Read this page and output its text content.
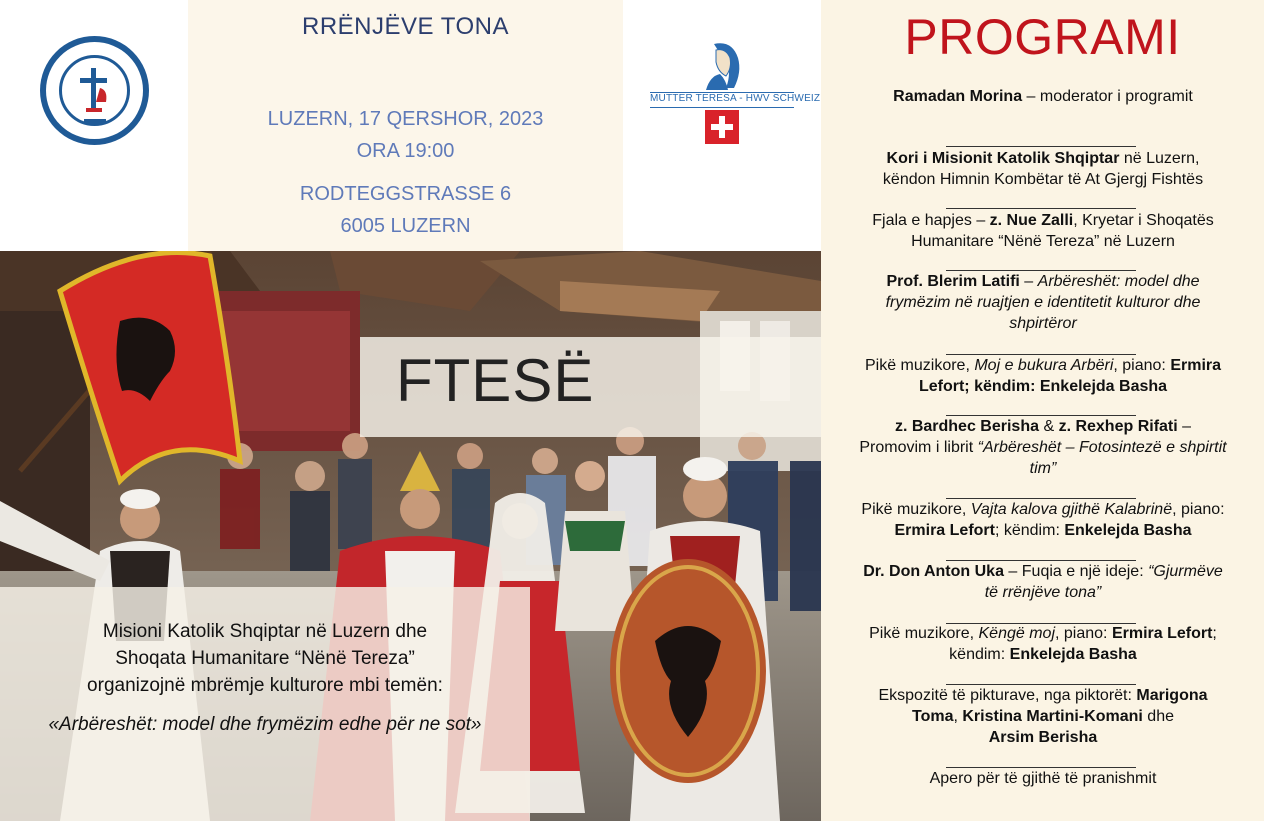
RRËNJËVE TONA
LUZERN, 17 QERSHOR, 2023
ORA 19:00
RODTEGGSTRASSE 6
6005 LUZERN
MUTTER TERESA - HWV SCHWEIZ
FTESË
Misioni Katolik Shqiptar në Luzern dhe
Shoqata Humanitare “Nënë Tereza”
organizojnë mbrëmje kulturore mbi temën:
«Arbëreshët: model dhe frymëzim edhe për ne sot»
PROGRAMI
Ramadan Morina – moderator i programit
Kori i Misionit Katolik Shqiptar në Luzern,
këndon Himnin Kombëtar të At Gjergj Fishtës
Fjala e hapjes – z. Nue Zalli, Kryetar i Shoqatës
Humanitare “Nënë Tereza” në Luzern
Prof. Blerim Latifi – Arbëreshët: model dhe
frymëzim në ruajtjen e identitetit kulturor dhe
shpirtëror
Pikë muzikore, Moj e bukura Arbëri, piano: Ermira
Lefort; këndim: Enkelejda Basha
z. Bardhec Berisha & z. Rexhep Rifati –
Promovim i librit “Arbëreshët – Fotosintezë e shpirtit
tim”
Pikë muzikore, Vajta kalova gjithë Kalabrinë, piano:
Ermira Lefort; këndim: Enkelejda Basha
Dr. Don Anton Uka – Fuqia e një ideje: “Gjurmëve
të rrënjëve tona”
Pikë muzikore, Këngë moj, piano: Ermira Lefort;
këndim: Enkelejda Basha
Ekspozitë të pikturave, nga piktorët: Marigona
Toma, Kristina Martini-Komani dhe
Arsim Berisha
Apero për të gjithë të pranishmit
